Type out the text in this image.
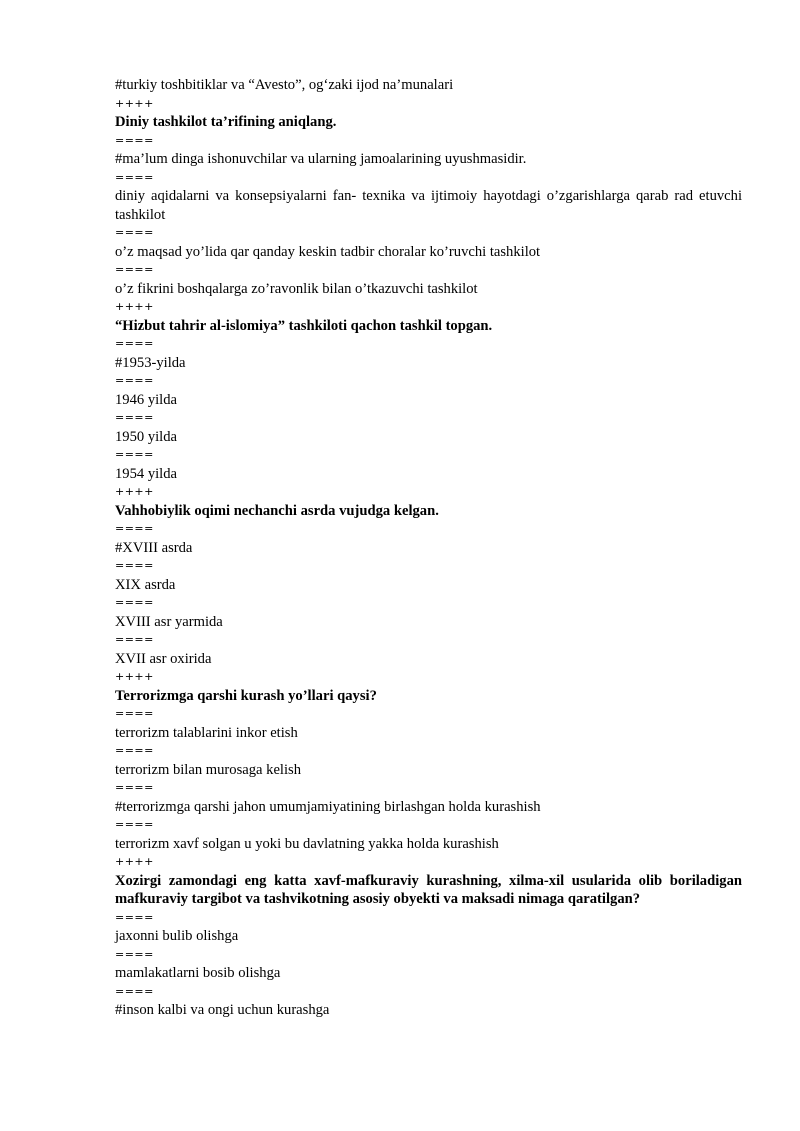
#turkiy toshbitiklar va “Avesto”, og‘zaki ijod na’munalari

++++

Diniy tashkilot ta’rifining aniqlang.

====

#ma’lum dinga ishonuvchilar va ularning jamoalarining uyushmasidir.

====

diniy aqidalarni va konsepsiyalarni fan- texnika va ijtimoiy hayotdagi o’zgarishlarga qarab rad etuvchi tashkilot

====

o’z maqsad yo’lida qar qanday keskin tadbir choralar ko’ruvchi tashkilot

====

o’z fikrini boshqalarga zo’ravonlik bilan o’tkazuvchi tashkilot

++++

“Hizbut tahrir al-islomiya” tashkiloti qachon tashkil topgan.

====

#1953-yilda

====

1946 yilda

====

1950 yilda

====

1954 yilda

++++

Vahhobiylik oqimi nechanchi asrda vujudga kelgan.

====

#XVIII asrda

====

XIX asrda

====

XVIII asr yarmida

====

XVII asr oxirida

++++

Terrorizmga qarshi kurash yo’llari qaysi?

====

terrorizm talablarini inkor etish

====

terrorizm bilan murosaga kelish

====

#terrorizmga qarshi jahon umumjamiyatining birlashgan holda kurashish

====

terrorizm xavf solgan u yoki bu davlatning yakka holda kurashish

++++

Xozirgi zamondagi eng katta xavf-mafkuraviy kurashning, xilma-xil usularida olib boriladigan mafkuraviy targibot va tashvikotning asosiy obyekti va maksadi nimaga qaratilgan?

====

jaxonni bulib olishga

====

mamlakatlarni bosib olishga

====

#inson kalbi va ongi uchun kurashga
